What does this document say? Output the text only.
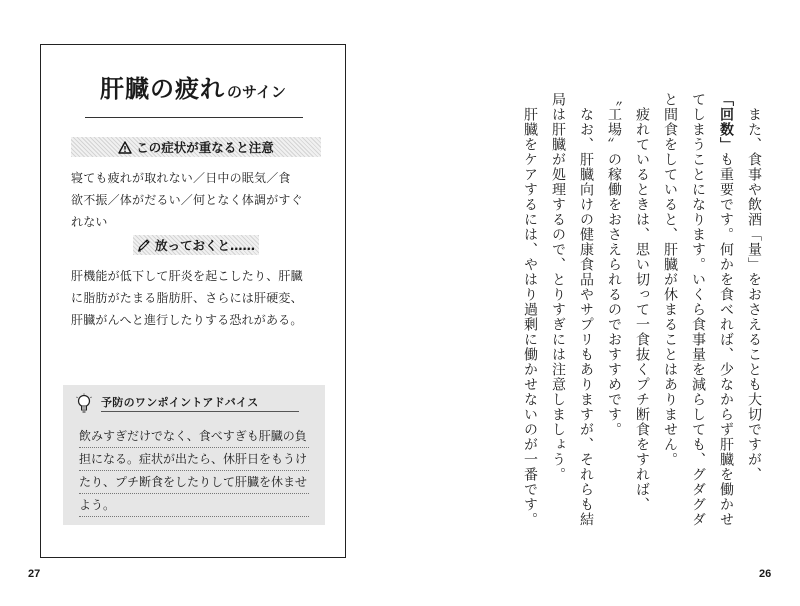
27	26
肝臓の疲れ のサイン
この症状が重なると注意
寝ても疲れが取れない／日中の眠気／食
欲不振／体がだるい／何となく体調がすぐ
れない
放っておくと……
肝機能が低下して肝炎を起こしたり、肝臓
に脂肪がたまる脂肪肝、さらには肝硬変、
肝臓がんへと進行したりする恐れがある。
予防のワンポイントアドバイス
飲みすぎだけでなく、食べすぎも肝臓の負
担になる。症状が出たら、休肝日をもうけ
たり、プチ断食をしたりして肝臓を休ませ
よう。

　また、食事や飲酒「量」をおさえることも大切ですが、「回数」も重要です。何かを食べれば、少なからず肝臓を働かせてしまうことになります。いくら食事量を減らしても、グダグダと間食をしていると、肝臓が休まることはありません。

　疲れているときは、思い切って一食抜くプチ断食をすれば、〝工場〟の稼働をおさえられるのでおすすめです。

　なお、肝臓向けの健康食品やサプリもありますが、それらも結局は肝臓が処理するので、とりすぎには注意しましょう。

　肝臓をケアするには、やはり過剰に働かせないのが一番です。
